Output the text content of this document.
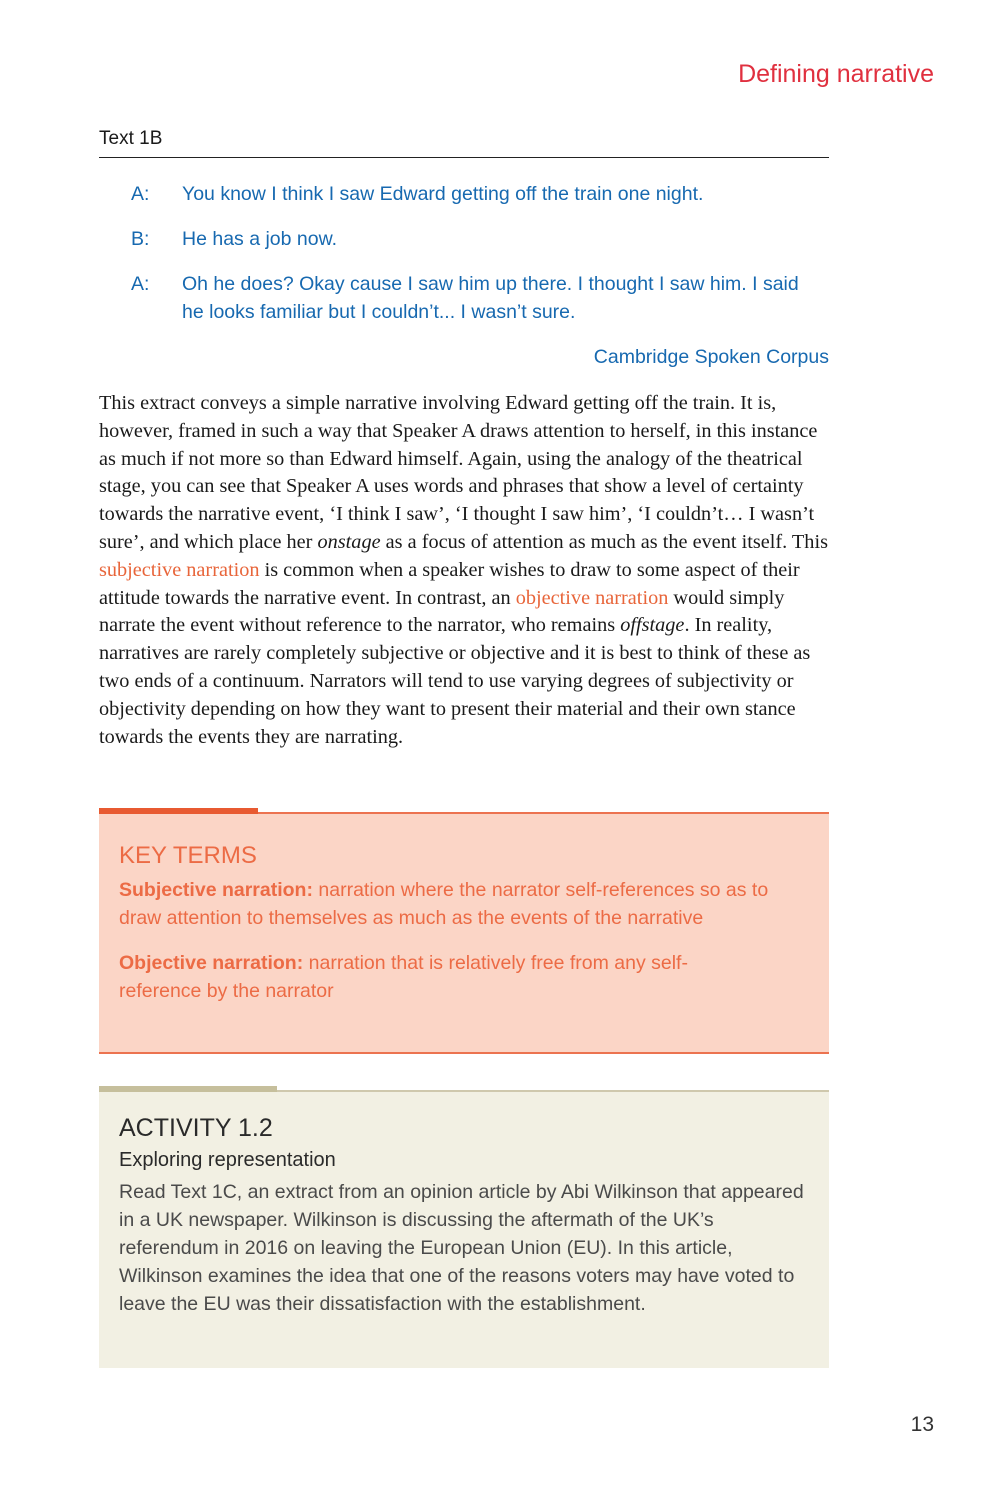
Defining narrative
Text 1B
A:	You know I think I saw Edward getting off the train one night.
B:	He has a job now.
A:	Oh he does? Okay cause I saw him up there. I thought I saw him. I said he looks familiar but I couldn’t... I wasn’t sure.
Cambridge Spoken Corpus

This extract conveys a simple narrative involving Edward getting off the train. It is, however, framed in such a way that Speaker A draws attention to herself, in this instance as much if not more so than Edward himself. Again, using the analogy of the theatrical stage, you can see that Speaker A uses words and phrases that show a level of certainty towards the narrative event, ‘I think I saw’, ‘I thought I saw him’, ‘I couldn’t… I wasn’t sure’, and which place her onstage as a focus of attention as much as the event itself. This subjective narration is common when a speaker wishes to draw to some aspect of their attitude towards the narrative event. In contrast, an objective narration would simply narrate the event without reference to the narrator, who remains offstage. In reality, narratives are rarely completely subjective or objective and it is best to think of these as two ends of a continuum. Narrators will tend to use varying degrees of subjectivity or objectivity depending on how they want to present their material and their own stance towards the events they are narrating.

KEY TERMS

Subjective narration: narration where the narrator self-references so as to draw attention to themselves as much as the events of the narrative

Objective narration: narration that is relatively free from any self-reference by the narrator

ACTIVITY 1.2
Exploring representation

Read Text 1C, an extract from an opinion article by Abi Wilkinson that appeared in a UK newspaper. Wilkinson is discussing the aftermath of the UK’s referendum in 2016 on leaving the European Union (EU). In this article, Wilkinson examines the idea that one of the reasons voters may have voted to leave the EU was their dissatisfaction with the establishment.

13
